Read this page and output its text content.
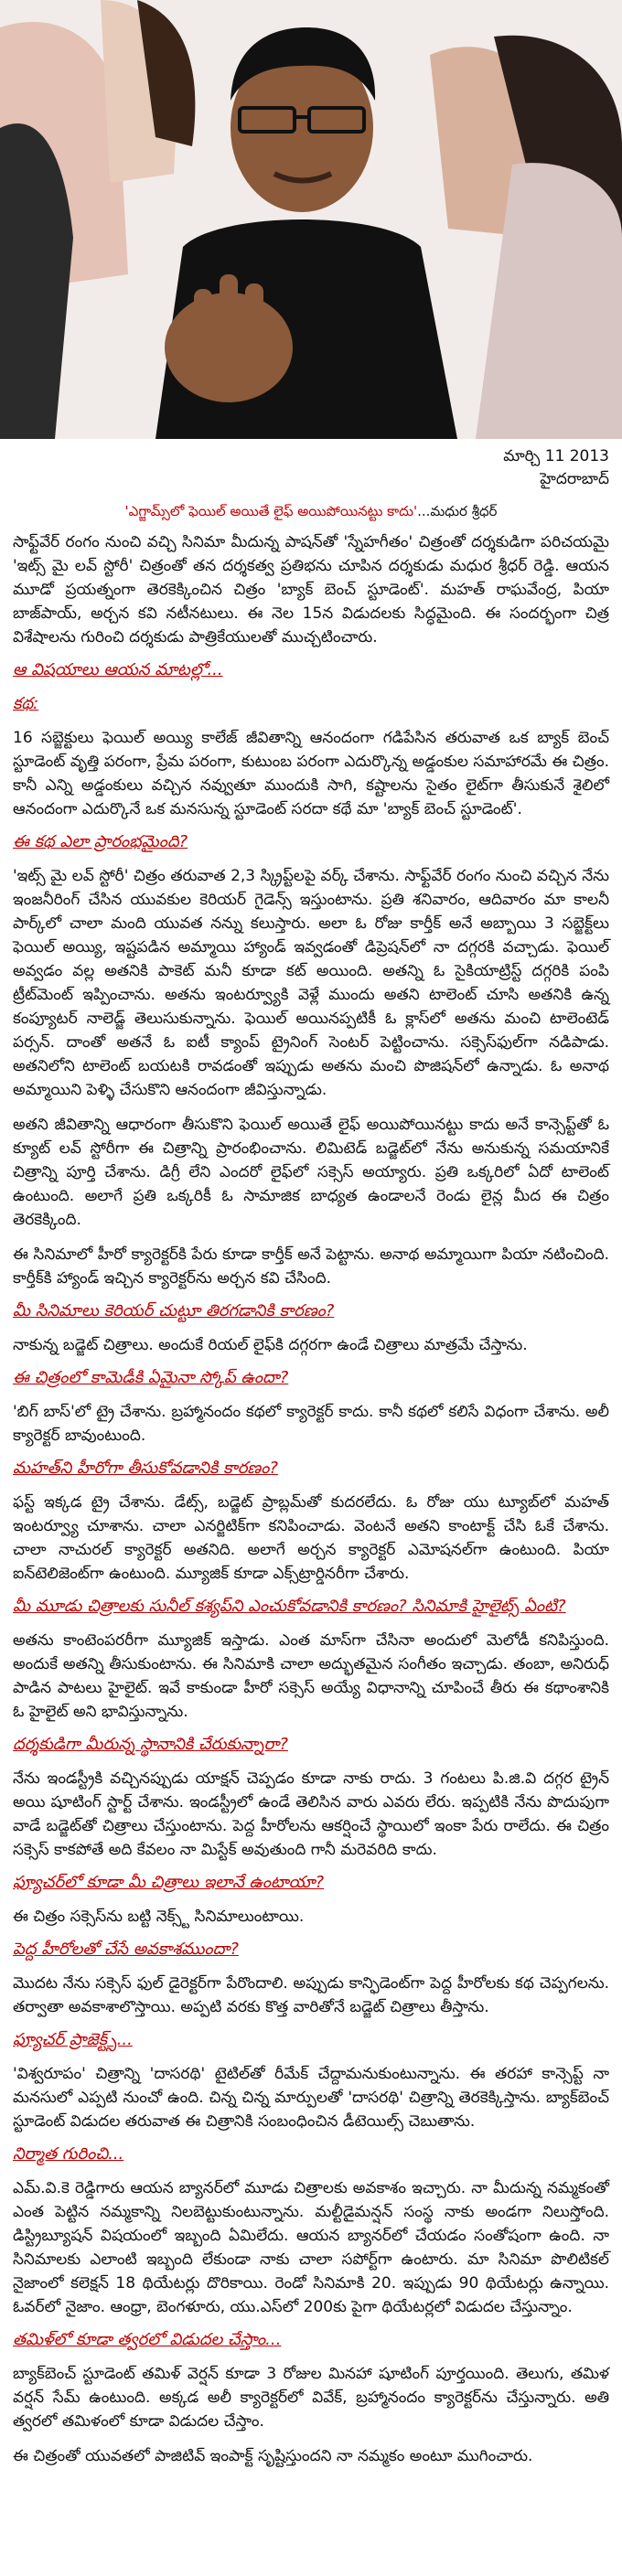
మార్చి 11 2013
హైదరాబాద్
'ఎగ్జామ్స్‌లో ఫెయిల్ అయితే లైఫ్ అయిపోయినట్టు కాదు'...మధుర శ్రీధర్

సాఫ్ట్‌వేర్ రంగం నుంచి వచ్చి సినిమా మీదున్న పాషన్‌తో 'స్నేహగీతం' చిత్రంతో దర్శకుడిగా పరిచయమై 'ఇట్స్ మై లవ్ స్టోరీ' చిత్రంతో తన దర్శకత్వ ప్రతిభను చూపిన దర్శకుడు మధుర శ్రీధర్ రెడ్డి. ఆయన మూడో ప్రయత్నంగా తెరకెక్కించిన చిత్రం 'బ్యాక్ బెంచ్ స్టూడెంట్'. మహత్ రాఘవేంద్ర, పియా బాజ్‌పాయ్, అర్చన కవి నటీనటులు. ఈ నెల 15న విడుదలకు సిద్ధమైంది. ఈ సందర్భంగా చిత్ర విశేషాలను గురించి దర్శకుడు పాత్రికేయులతో ముచ్చటించారు.

ఆ విషయాలు ఆయన మాటల్లో...
కథ:

16 సబ్జెక్టులు ఫెయిల్ అయ్యి కాలేజ్ జీవితాన్ని ఆనందంగా గడిపేసిన తరువాత ఒక బ్యాక్ బెంచ్ స్టూడెంట్ వృత్తి పరంగా, ప్రేమ పరంగా, కుటుంబ పరంగా ఎదుర్కొన్న అడ్డంకుల సమాహారమే ఈ చిత్రం. కానీ ఎన్ని అడ్డంకులు వచ్చిన నవ్వుతూ ముందుకి సాగి, కష్టాలను సైతం లైట్‌గా తీసుకునే శైలిలో ఆనందంగా ఎదుర్కొనే ఒక మనసున్న స్టూడెంట్ సరదా కథే మా 'బ్యాక్ బెంచ్ స్టూడెంట్'.

ఈ కథ ఎలా ప్రారంభమైంది?

'ఇట్స్ మై లవ్ స్టోరీ' చిత్రం తరువాత 2,3 స్క్రిప్ట్‌లపై వర్క్ చేశాను. సాఫ్ట్‌వేర్ రంగం నుంచి వచ్చిన నేను ఇంజనీరింగ్ చేసిన యువకుల కెరియర్ గైడెన్స్ ఇస్తుంటాను. ప్రతి శనివారం, ఆదివారం మా కాలనీ పార్క్‌లో చాలా మంది యువత నన్ను కలుస్తారు. అలా ఓ రోజు కార్తీక్ అనే అబ్బాయి 3 సబ్జెక్ట్‌లు ఫెయిల్ అయ్యి, ఇష్టపడిన అమ్మాయి హ్యాండ్ ఇవ్వడంతో డిప్రెషన్‌లో నా దగ్గరకి వచ్చాడు. ఫెయిల్ అవ్వడం వల్ల అతనికి పాకెట్ మనీ కూడా కట్ అయింది. అతన్ని ఓ సైకియాట్రిస్ట్ దగ్గరికి పంపి ట్రీట్‌మెంట్ ఇప్పించాను. అతను ఇంటర్వ్యూకి వెళ్లే ముందు అతని టాలెంట్ చూసి అతనికి ఉన్న కంప్యూటర్ నాలెడ్జ్ తెలుసుకున్నాను. ఫెయిల్ అయినప్పటికీ ఓ క్లాస్‌లో అతను మంచి టాలెంటెడ్ పర్సన్. దాంతో అతనే ఓ ఐటీ క్యాంప్ ట్రైనింగ్ సెంటర్ పెట్టించాను. సక్సెస్‌ఫుల్‌గా నడిపాడు. అతనిలోని టాలెంట్ బయటకి రావడంతో ఇప్పుడు అతను మంచి పొజిషన్‌లో ఉన్నాడు. ఓ అనాథ అమ్మాయిని పెళ్ళి చేసుకొని ఆనందంగా జీవిస్తున్నాడు.

అతని జీవితాన్ని ఆధారంగా తీసుకొని ఫెయిల్ అయితే లైఫ్ అయిపోయినట్టు కాదు అనే కాన్సెప్ట్‌తో ఓ క్యూట్ లవ్ స్టోరీగా ఈ చిత్రాన్ని ప్రారంభించాను. లిమిటెడ్ బడ్జెట్‌లో నేను అనుకున్న సమయానికే చిత్రాన్ని పూర్తి చేశాను. డిగ్రీ లేని ఎందరో లైఫ్‌లో సక్సెస్ అయ్యారు. ప్రతి ఒక్కరిలో ఏదో టాలెంట్ ఉంటుంది. అలాగే ప్రతి ఒక్కరికీ ఓ సామాజిక బాధ్యత ఉండాలనే రెండు లైన్ల మీద ఈ చిత్రం తెరకెక్కింది.

ఈ సినిమాలో హీరో క్యారెక్టర్‌కి పేరు కూడా కార్తీక్ అనే పెట్టాను. అనాథ అమ్మాయిగా పియా నటించింది. కార్తీక్‌కి హ్యాండ్ ఇచ్చిన క్యారెక్టర్‌ను అర్చన కవి చేసింది.

మీ సినిమాలు కెరియర్ చుట్టూ తిరగడానికి కారణం?

నాకున్న బడ్జెట్ చిత్రాలు. అందుకే రియల్ లైఫ్‌కి దగ్గరగా ఉండే చిత్రాలు మాత్రమే చేస్తాను.

ఈ చిత్రంలో కామెడీకి ఏమైనా స్కోప్ ఉందా?

'బిగ్ బాస్'లో ట్రై చేశాను. బ్రహ్మానందం కథలో క్యారెక్టర్ కాదు. కానీ కథలో కలిసే విధంగా చేశాను. అలీ క్యారెక్టర్ బావుంటుంది.

మహత్‌ని హీరోగా తీసుకోవడానికి కారణం?

ఫస్ట్ ఇక్కడ ట్రై చేశాను. డేట్స్, బడ్జెట్ ప్రాబ్లమ్‌తో కుదరలేదు. ఓ రోజు యు ట్యూబ్‌లో మహత్ ఇంటర్వ్యూ చూశాను. చాలా ఎనర్జిటిక్‌గా కనిపించాడు. వెంటనే అతని కాంటాక్ట్ చేసి ఓకే చేశాను. చాలా నాచురల్ క్యారెక్టర్ అతనిది. అలాగే అర్చన క్యారెక్టర్ ఎమోషనల్‌గా ఉంటుంది. పియా ఐన్‌టెలిజెంట్‌గా ఉంటుంది. మ్యూజిక్ కూడా ఎక్స్‌ట్రార్డినరీగా చేశారు.

మీ మూడు చిత్రాలకు సునీల్ కశ్యప్‌ని ఎంచుకోవడానికి కారణం? సినిమాకి హైలైట్స్ ఏంటి?

అతను కాంటెంపరరీగా మ్యూజిక్ ఇస్తాడు. ఎంత మాస్‌గా చేసినా అందులో మెలోడీ కనిపిస్తుంది. అందుకే అతన్ని తీసుకుంటాను. ఈ సినిమాకి చాలా అద్భుతమైన సంగీతం ఇచ్చాడు. తంబా, అనిరుధ్ పాడిన పాటలు హైలైట్. ఇవే కాకుండా హీరో సక్సెస్ అయ్యే విధానాన్ని చూపించే తీరు ఈ కథాంశానికి ఓ హైలైట్ అని భావిస్తున్నాను.

దర్శకుడిగా మీరున్న స్థానానికి చేరుకున్నారా?

నేను ఇండస్ట్రీకి వచ్చినప్పుడు యాక్షన్ చెప్పడం కూడా నాకు రాదు. 3 గంటలు పి.జి.వి దగ్గర ట్రైన్ అయి షూటింగ్ స్టార్ట్ చేశాను. ఇండస్ట్రీలో ఉండే తెలిసిన వారు ఎవరు లేరు. ఇప్పటికి నేను పొదుపుగా వాడే బడ్జెట్‌తో చిత్రాలు చేస్తుంటాను. పెద్ద హీరోలను ఆకర్షించే స్థాయిలో ఇంకా పేరు రాలేదు. ఈ చిత్రం సక్సెస్ కాకపోతే అది కేవలం నా మిస్టేక్ అవుతుంది గానీ మరెవరిది కాదు.

ఫ్యూచర్‌లో కూడా మీ చిత్రాలు ఇలానే ఉంటాయా?

ఈ చిత్రం సక్సెస్‌ను బట్టి నెక్స్ట్ సినిమాలుంటాయి.

పెద్ద హీరోలతో చేసే అవకాశముందా?

మొదట నేను సక్సెస్ ఫుల్ డైరెక్టర్‌గా పేరొందాలి. అప్పుడు కాన్ఫిడెంట్‌గా పెద్ద హీరోలకు కథ చెప్పగలను. తర్వాతా అవకాశాలొస్తాయి. అప్పటి వరకు కొత్త వారితోనే బడ్జెట్ చిత్రాలు తీస్తాను.

ఫ్యూచర్ ప్రాజెక్ట్స్...

'విశ్వరూపం' చిత్రాన్ని 'దాసరథి' టైటిల్‌తో రీమేక్ చేద్దామనుకుంటున్నాను. ఈ తరహా కాన్సెప్ట్ నా మనసులో ఎప్పటి నుంచో ఉంది. చిన్న చిన్న మార్పులతో 'దాసరథి' చిత్రాన్ని తెరకెక్కిస్తాను. బ్యాక్‌బెంచ్ స్టూడెంట్ విడుదల తరువాత ఈ చిత్రానికి సంబంధించిన డీటెయిల్స్ చెబుతాను.

నిర్మాత గురించి...

ఎమ్.వి.కె రెడ్డిగారు ఆయన బ్యానర్‌లో మూడు చిత్రాలకు అవకాశం ఇచ్చారు. నా మీదున్న నమ్మకంతో ఎంత పెట్టిన నమ్మకాన్ని నిలబెట్టుకుంటున్నాను. మల్టీడైమన్షన్ సంస్థ నాకు అండగా నిలుస్తోంది. డిస్ట్రిబ్యూషన్ విషయంలో ఇబ్బంది ఏమిలేదు. ఆయన బ్యానర్‌లో చేయడం సంతోషంగా ఉంది. నా సినిమాలకు ఎలాంటి ఇబ్బంది లేకుండా నాకు చాలా సపోర్ట్‌గా ఉంటారు. మా సినిమా పొలిటికల్ నైజాంలో కలెక్షన్ 18 థియేటర్లు దొరికాయి. రెండో సినిమాకి 20. ఇప్పుడు 90 థియేటర్లు ఉన్నాయి. ఓవర్‌లో నైజాం. ఆంధ్రా, బెంగళూరు, యు.ఎస్‌లో 200కు పైగా థియేటర్లలో విడుదల చేస్తున్నాం.

తమిళ్‌లో కూడా త్వరలో విడుదల చేస్తాం...

బ్యాక్‌బెంచ్ స్టూడెంట్ తమిళ్ వెర్షన్ కూడా 3 రోజుల మినహా షూటింగ్ పూర్తయింది. తెలుగు, తమిళ వర్షన్ సేమ్ ఉంటుంది. అక్కడ అలీ క్యారెక్టర్‌లో వివేక్, బ్రహ్మానందం క్యారెక్టర్‌ను చేస్తున్నారు. అతి త్వరలో తమిళంలో కూడా విడుదల చేస్తాం.

ఈ చిత్రంతో యువతలో పాజిటివ్ ఇంపాక్ట్ సృష్టిస్తుందని నా నమ్మకం అంటూ ముగించారు.
